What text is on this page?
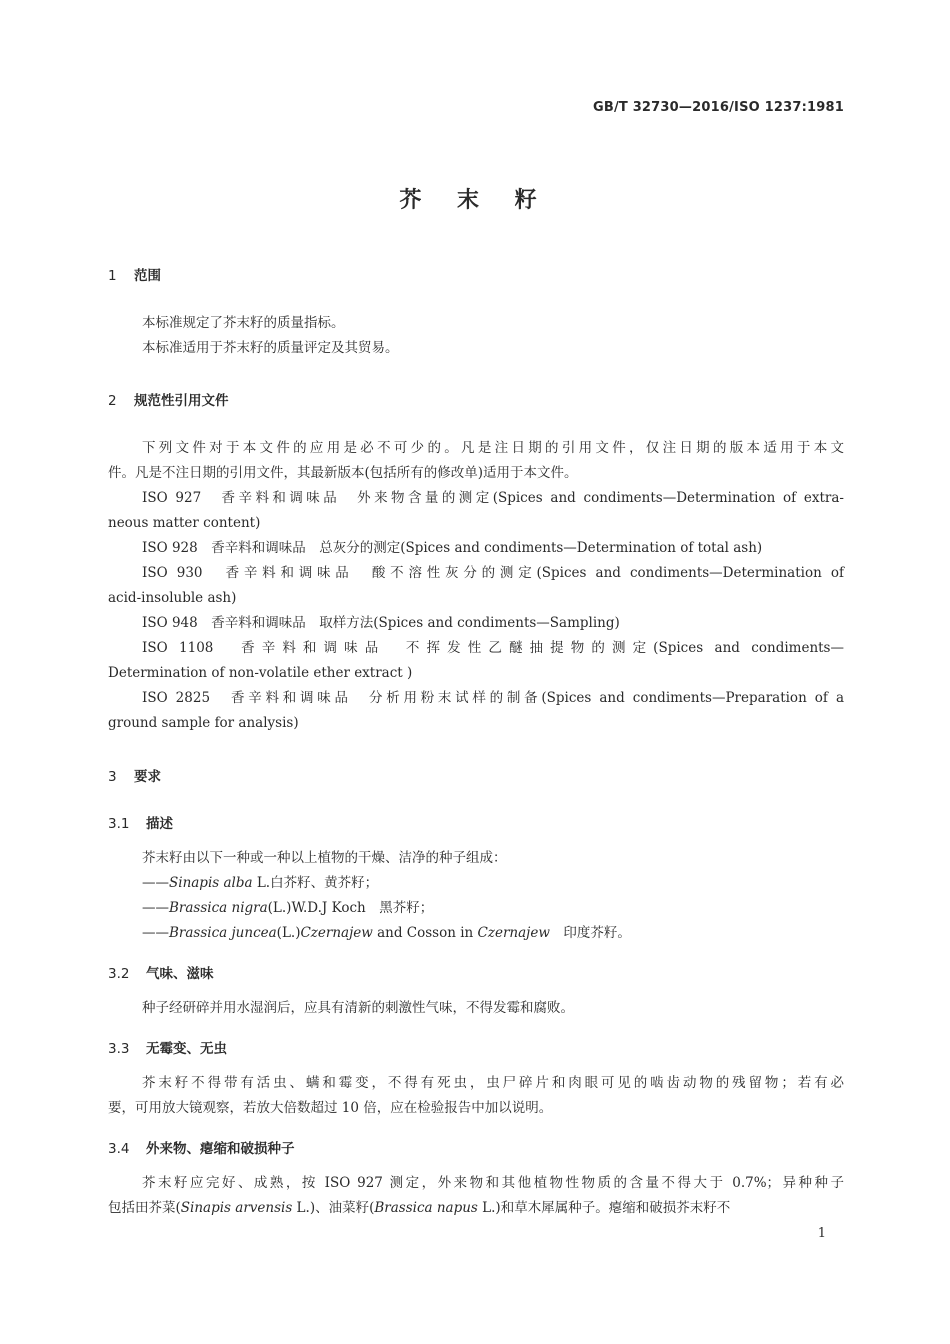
GB/T 32730—2016/ISO 1237:1981
芥 末 籽
1 范围
本标准规定了芥末籽的质量指标。
本标准适用于芥末籽的质量评定及其贸易。
2 规范性引用文件
下列文件对于本文件的应用是必不可少的。凡是注日期的引用文件，仅注日期的版本适用于本文
件。凡是不注日期的引用文件，其最新版本(包括所有的修改单)适用于本文件。
ISO 927　香辛料和调味品　外来物含量的测定(Spices and condiments—Determination of extra-
neous matter content)
ISO 928　香辛料和调味品　总灰分的测定(Spices and condiments—Determination of total ash)
ISO 930　香辛料和调味品　酸不溶性灰分的测定(Spices and condiments—Determination of
acid-insoluble ash)
ISO 948　香辛料和调味品　取样方法(Spices and condiments—Sampling)
ISO 1108　香辛料和调味品　不挥发性乙醚抽提物的测定(Spices and condiments—
Determination of non-volatile ether extract )
ISO 2825　香辛料和调味品　分析用粉末试样的制备(Spices and condiments—Preparation of a
ground sample for analysis)
3 要求
3.1 描述
芥末籽由以下一种或一种以上植物的干燥、洁净的种子组成：
——Sinapis alba L.白芥籽、黄芥籽；
——Brassica nigra(L.)W.D.J Koch　黑芥籽；
——Brassica juncea(L.)Czernajew and Cosson in Czernajew　印度芥籽。
3.2 气味、滋味
种子经研碎并用水湿润后，应具有清新的刺激性气味，不得发霉和腐败。
3.3 无霉变、无虫
芥末籽不得带有活虫、螨和霉变，不得有死虫，虫尸碎片和肉眼可见的啮齿动物的残留物；若有必
要，可用放大镜观察，若放大倍数超过 10 倍，应在检验报告中加以说明。
3.4 外来物、瘪缩和破损种子
芥末籽应完好、成熟，按 ISO 927 测定，外来物和其他植物性物质的含量不得大于 0.7%；异种种子
包括田芥菜(Sinapis arvensis L.)、油菜籽(Brassica napus L.)和草木犀属种子。瘪缩和破损芥末籽不
1
